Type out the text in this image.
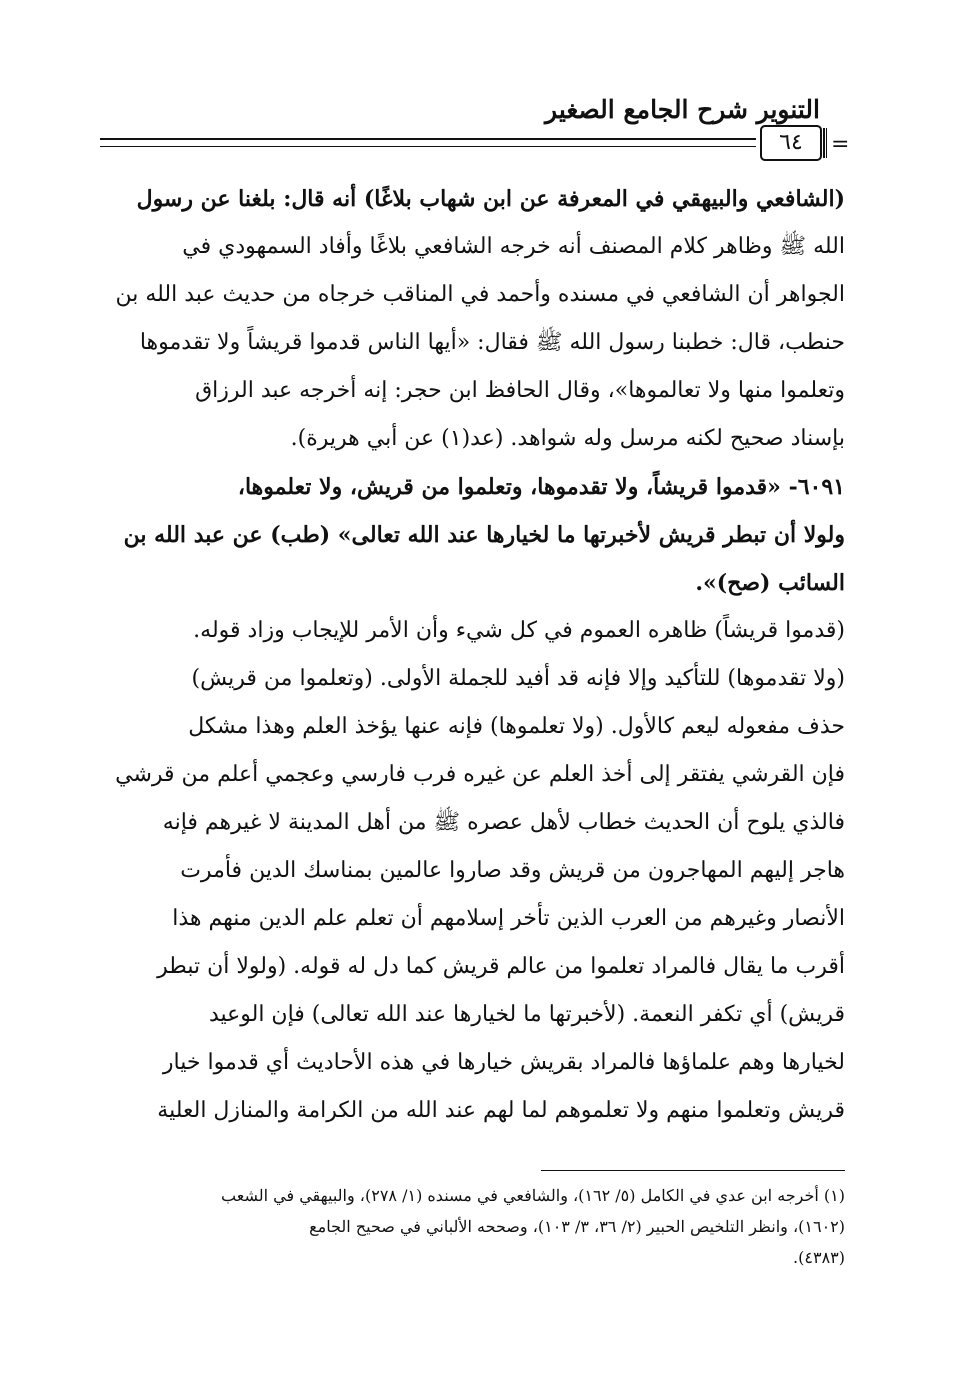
التنوير شرح الجامع الصغير
٦٤	=
(الشافعي والبيهقي في المعرفة عن ابن شهاب بلاغًا) أنه قال: بلغنا عن رسول
الله ﷺ وظاهر كلام المصنف أنه خرجه الشافعي بلاغًا وأفاد السمهودي في
الجواهر أن الشافعي في مسنده وأحمد في المناقب خرجاه من حديث عبد الله بن
حنطب، قال: خطبنا رسول الله ﷺ فقال: «أيها الناس قدموا قريشاً ولا تقدموها
وتعلموا منها ولا تعالموها»، وقال الحافظ ابن حجر: إنه أخرجه عبد الرزاق
بإسناد صحيح لكنه مرسل وله شواهد. (عد(١) عن أبي هريرة).
٦٠٩١- «قدموا قريشاً، ولا تقدموها، وتعلموا من قريش، ولا تعلموها،
ولولا أن تبطر قريش لأخبرتها ما لخيارها عند الله تعالى» (طب) عن عبد الله بن
السائب (صح)».
(قدموا قريشاً) ظاهره العموم في كل شيء وأن الأمر للإيجاب وزاد قوله.
(ولا تقدموها) للتأكيد وإلا فإنه قد أفيد للجملة الأولى. (وتعلموا من قريش)
حذف مفعوله ليعم كالأول. (ولا تعلموها) فإنه عنها يؤخذ العلم وهذا مشكل
فإن القرشي يفتقر إلى أخذ العلم عن غيره فرب فارسي وعجمي أعلم من قرشي
فالذي يلوح أن الحديث خطاب لأهل عصره ﷺ من أهل المدينة لا غيرهم فإنه
هاجر إليهم المهاجرون من قريش وقد صاروا عالمين بمناسك الدين فأمرت
الأنصار وغيرهم من العرب الذين تأخر إسلامهم أن تعلم علم الدين منهم هذا
أقرب ما يقال فالمراد تعلموا من عالم قريش كما دل له قوله. (ولولا أن تبطر
قريش) أي تكفر النعمة. (لأخبرتها ما لخيارها عند الله تعالى) فإن الوعيد
لخيارها وهم علماؤها فالمراد بقريش خيارها في هذه الأحاديث أي قدموا خيار
قريش وتعلموا منهم ولا تعلموهم لما لهم عند الله من الكرامة والمنازل العلية
(١) أخرجه ابن عدي في الكامل (٥/ ١٦٢)، والشافعي في مسنده (١/ ٢٧٨)، والبيهقي في الشعب
(١٦٠٢)، وانظر التلخيص الحبير (٢/ ٣٦، ٣/ ١٠٣)، وصححه الألباني في صحيح الجامع
(٤٣٨٣).
